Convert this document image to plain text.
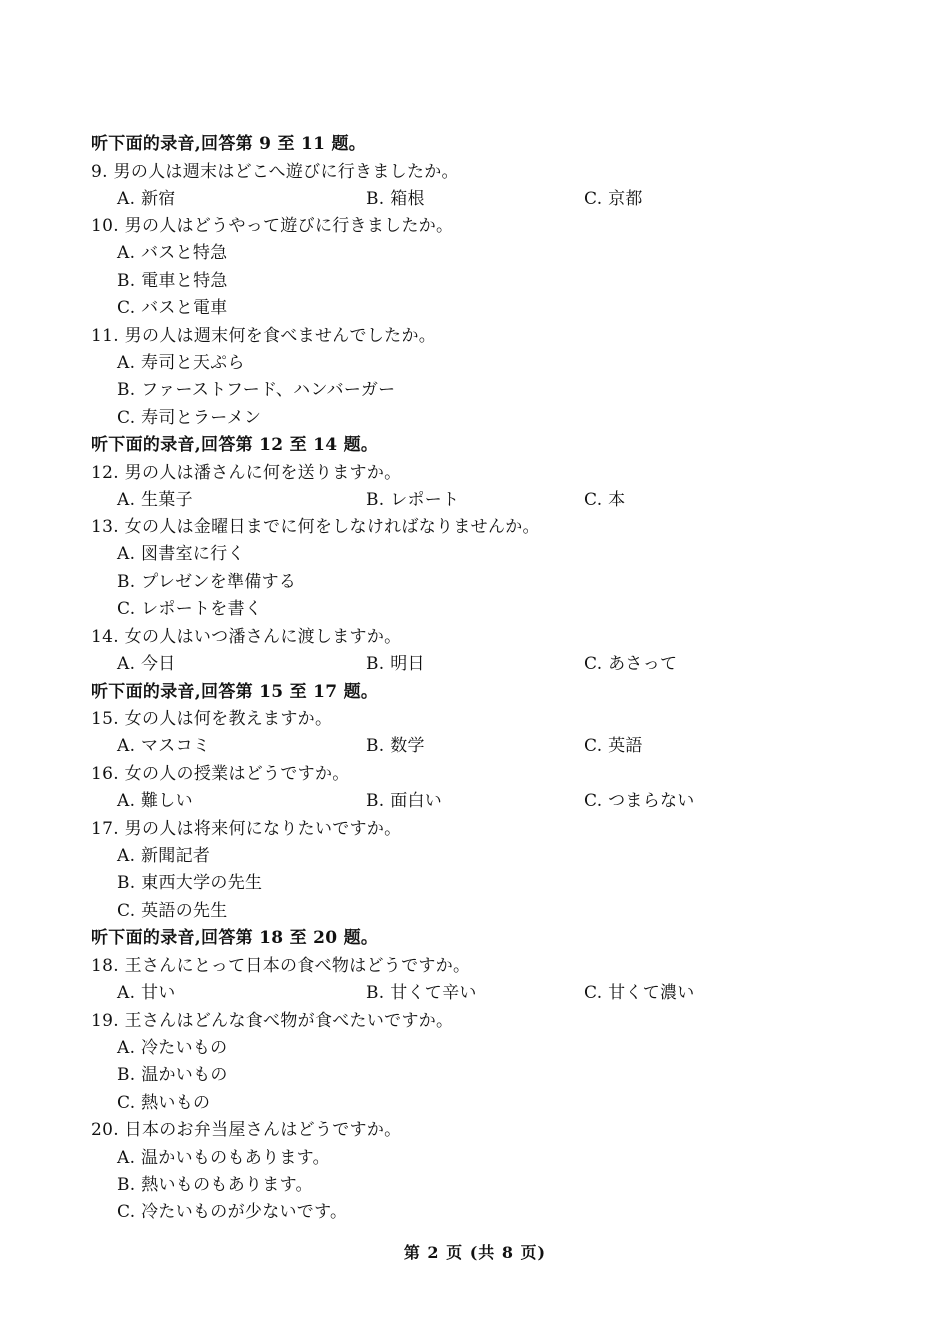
听下面的录音,回答第 9 至 11 题。
9. 男の人は週末はどこへ遊びに行きましたか。
A. 新宿	B. 箱根	C. 京都
10. 男の人はどうやって遊びに行きましたか。
A. バスと特急
B. 電車と特急
C. バスと電車
11. 男の人は週末何を食べませんでしたか。
A. 寿司と天ぷら
B. ファーストフード、ハンバーガー
C. 寿司とラーメン
听下面的录音,回答第 12 至 14 题。
12. 男の人は潘さんに何を送りますか。
A. 生菓子	B. レポート	C. 本
13. 女の人は金曜日までに何をしなければなりませんか。
A. 図書室に行く
B. プレゼンを準備する
C. レポートを書く
14. 女の人はいつ潘さんに渡しますか。
A. 今日	B. 明日	C. あさって
听下面的录音,回答第 15 至 17 题。
15. 女の人は何を教えますか。
A. マスコミ	B. 数学	C. 英語
16. 女の人の授業はどうですか。
A. 難しい	B. 面白い	C. つまらない
17. 男の人は将来何になりたいですか。
A. 新聞記者
B. 東西大学の先生
C. 英語の先生
听下面的录音,回答第 18 至 20 题。
18. 王さんにとって日本の食べ物はどうですか。
A. 甘い	B. 甘くて辛い	C. 甘くて濃い
19. 王さんはどんな食べ物が食べたいですか。
A. 冷たいもの
B. 温かいもの
C. 熱いもの
20. 日本のお弁当屋さんはどうですか。
A. 温かいものもあります。
B. 熱いものもあります。
C. 冷たいものが少ないです。
第 2 页 (共 8 页)
